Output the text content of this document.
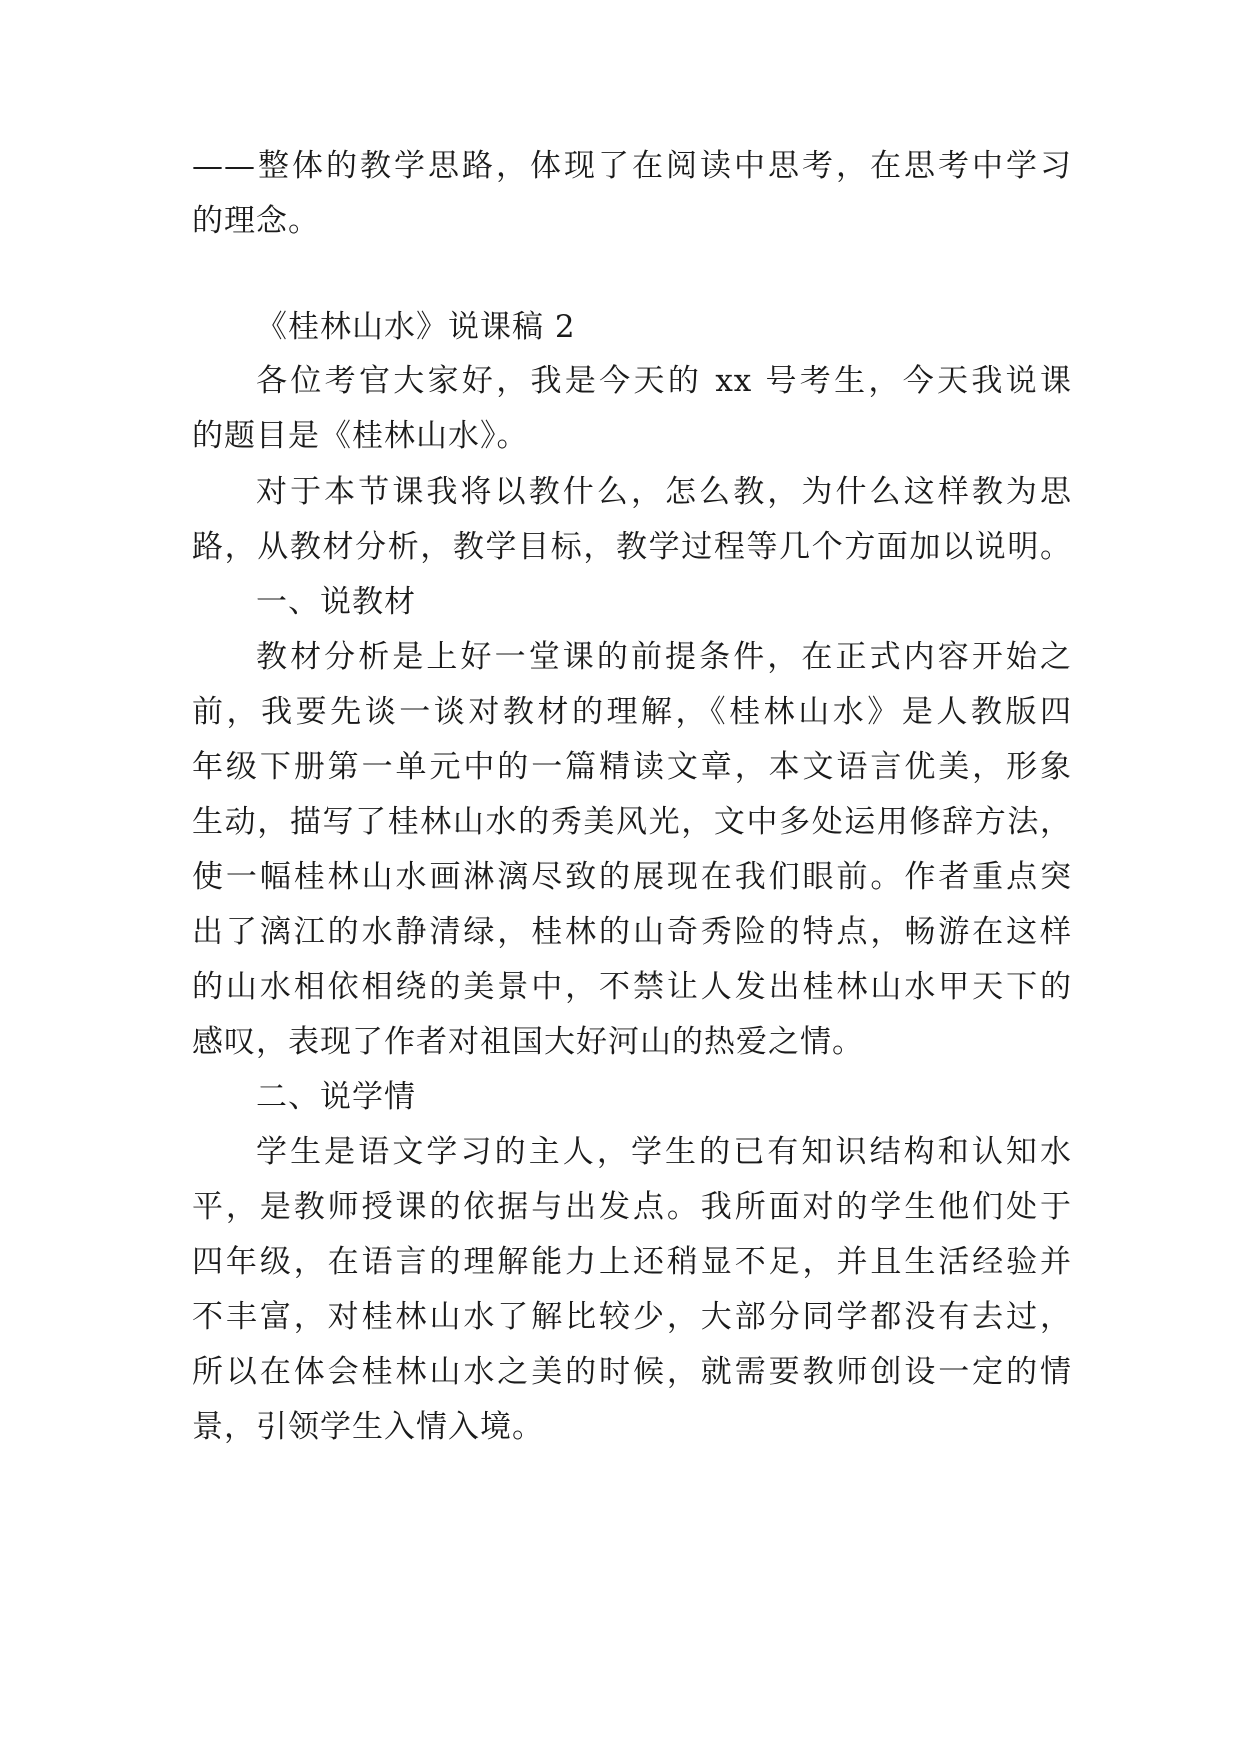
——整体的教学思路，体现了在阅读中思考，在思考中学习

的理念。

《桂林山水》说课稿 2

各位考官大家好，我是今天的 xx 号考生，今天我说课

的题目是《桂林山水》。

对于本节课我将以教什么，怎么教，为什么这样教为思

路，从教材分析，教学目标，教学过程等几个方面加以说明。

一、说教材

教材分析是上好一堂课的前提条件，在正式内容开始之

前，我要先谈一谈对教材的理解，《桂林山水》是人教版四

年级下册第一单元中的一篇精读文章，本文语言优美，形象

生动，描写了桂林山水的秀美风光，文中多处运用修辞方法，

使一幅桂林山水画淋漓尽致的展现在我们眼前。作者重点突

出了漓江的水静清绿，桂林的山奇秀险的特点，畅游在这样

的山水相依相绕的美景中，不禁让人发出桂林山水甲天下的

感叹，表现了作者对祖国大好河山的热爱之情。

二、说学情

学生是语文学习的主人，学生的已有知识结构和认知水

平，是教师授课的依据与出发点。我所面对的学生他们处于

四年级，在语言的理解能力上还稍显不足，并且生活经验并

不丰富，对桂林山水了解比较少，大部分同学都没有去过，

所以在体会桂林山水之美的时候，就需要教师创设一定的情

景，引领学生入情入境。
